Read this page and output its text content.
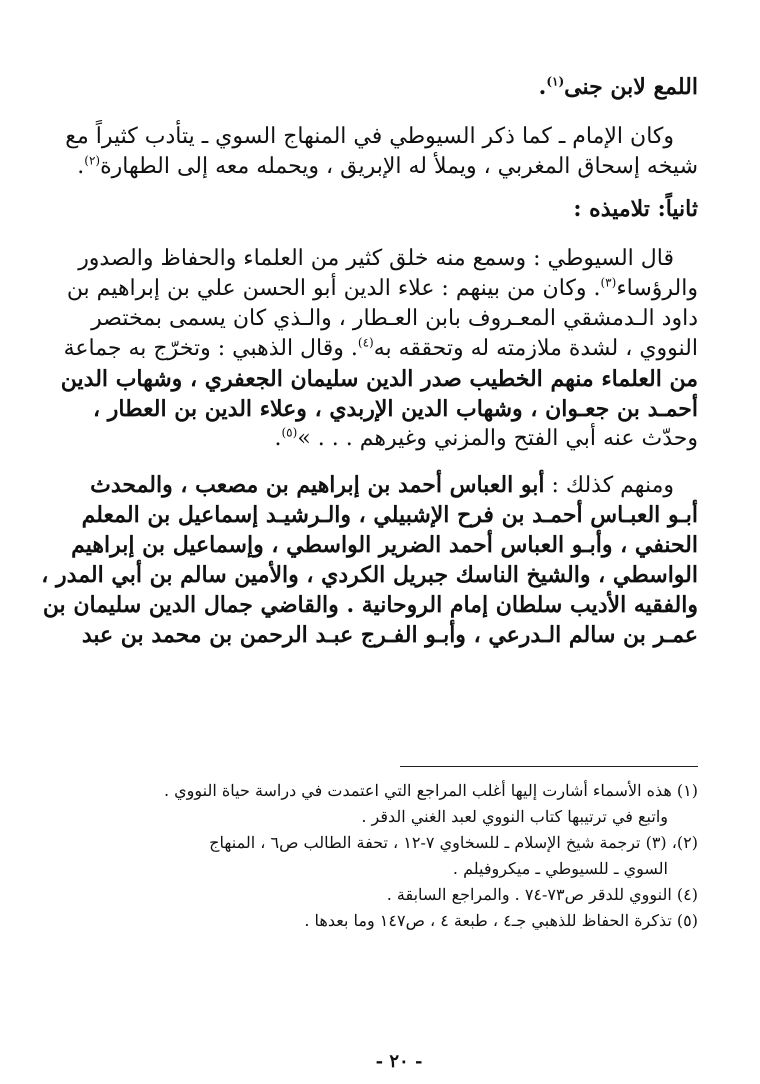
اللمع لابن جنى$^{(١)}$.
وكان الإمام ـ كما ذكر السيوطي في المنهاج السوي ـ يتأدب كثيراً مع
شيخه إسحاق المغربي ، ويملأ له الإبريق ، ويحمله معه إلى الطهارة$^{(٢)}$.
ثانياً: تلاميذه :
قال السيوطي : وسمع منه خلق كثير من العلماء والحفاظ والصدور
والرؤساء$^{(٣)}$. وكان من بينهم : علاء الدين أبو الحسن علي بن إبراهيم بن
داود الـدمشقي المعـروف بابن العـطار ، والـذي كان يسمى بمختصر
النووي ، لشدة ملازمته له وتحققه به$^{(٤)}$. وقال الذهبي : وتخرّج به جماعة
من العلماء منهم الخطيب صدر الدين سليمان الجعفري ، وشهاب الدين
أحمـد بن جعـوان ، وشهاب الدين الإربدي ، وعلاء الدين بن العطار ،
وحدّث عنه أبي الفتح والمزني وغيرهم . . . »$^{(٥)}$.
ومنهم كذلك : أبو العباس أحمد بن إبراهيم بن مصعب ، والمحدث
أبـو العبـاس أحمـد بن فرح الإشبيلي ، والـرشيـد إسماعيل بن المعلم
الحنفي ، وأبـو العباس أحمد الضرير الواسطي ، وإسماعيل بن إبراهيم
الواسطي ، والشيخ الناسك جبريل الكردي ، والأمين سالم بن أبي المدر ،
والفقيه الأديب سلطان إمام الروحانية . والقاضي جمال الدين سليمان بن
عمـر بن سالم الـدرعي ، وأبـو الفـرج عبـد الرحمن بن محمد بن عبد
(١) هذه الأسماء أشارت إليها أغلب المراجع التي اعتمدت في دراسة حياة النووي .
واتبع في ترتيبها كتاب النووي لعبد الغني الدقر .
(٢)، (٣) ترجمة شيخ الإسلام ـ للسخاوي ٧-١٢ ، تحفة الطالب ص٦ ، المنهاج
السوي ـ للسيوطي ـ ميكروفيلم .
(٤) النووي للدقر ص٧٣-٧٤ . والمراجع السابقة .
(٥) تذكرة الحفاظ للذهبي جـ٤ ، طبعة ٤ ، ص١٤٧ وما بعدها .
- ٢٠ -
